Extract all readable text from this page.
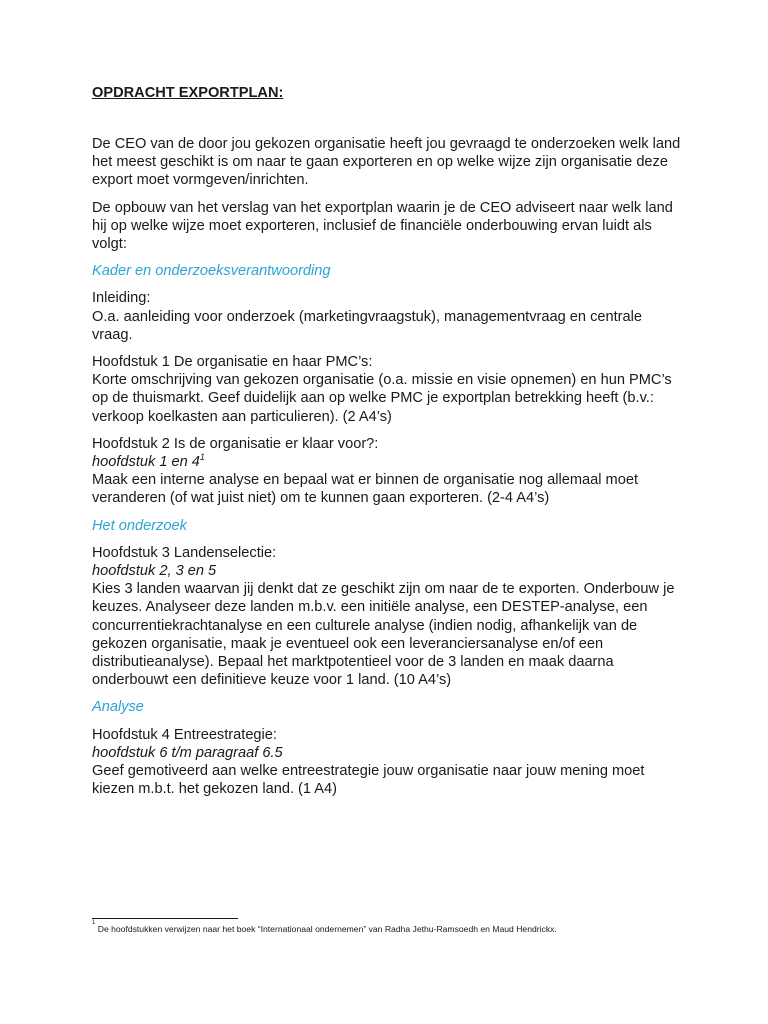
OPDRACHT EXPORTPLAN:

De CEO van de door jou gekozen organisatie heeft jou gevraagd te onderzoeken welk land het meest geschikt is om naar te gaan exporteren en op welke wijze zijn organisatie deze export moet vormgeven/inrichten.

De opbouw van het verslag van het exportplan waarin je de CEO adviseert naar welk land hij op welke wijze moet exporteren, inclusief de financiële onderbouwing ervan luidt als volgt:

Kader en onderzoeksverantwoording

Inleiding:
O.a. aanleiding voor onderzoek (marketingvraagstuk), managementvraag en centrale vraag.

Hoofdstuk 1 De organisatie en haar PMC’s:
Korte omschrijving van gekozen organisatie (o.a. missie en visie opnemen) en hun PMC’s op de thuismarkt. Geef duidelijk aan op welke PMC je exportplan betrekking heeft (b.v.: verkoop koelkasten aan particulieren). (2 A4’s)

Hoofdstuk 2 Is de organisatie er klaar voor?:
hoofdstuk 1 en 4$^1$
Maak een interne analyse en bepaal wat er binnen de organisatie nog allemaal moet veranderen (of wat juist niet) om te kunnen gaan exporteren. (2-4 A4’s)

Het onderzoek

Hoofdstuk 3 Landenselectie:
hoofdstuk 2, 3 en 5
Kies 3 landen waarvan jij denkt dat ze geschikt zijn om naar de te exporten. Onderbouw je keuzes. Analyseer deze landen m.b.v. een initiële analyse, een DESTEP-analyse, een concurrentiekrachtanalyse en een culturele analyse (indien nodig, afhankelijk van de gekozen organisatie, maak je eventueel ook een leveranciersanalyse en/of een distributieanalyse). Bepaal het marktpotentieel voor de 3 landen en maak daarna onderbouwt een definitieve keuze voor 1 land. (10 A4’s)

Analyse

Hoofdstuk 4 Entreestrategie:
hoofdstuk 6 t/m paragraaf 6.5
Geef gemotiveerd aan welke entreestrategie jouw organisatie naar jouw mening moet kiezen m.b.t. het gekozen land. (1 A4)

$^1$ De hoofdstukken verwijzen naar het boek “Internationaal ondernemen” van Radha Jethu-Ramsoedh en Maud Hendrickx.
